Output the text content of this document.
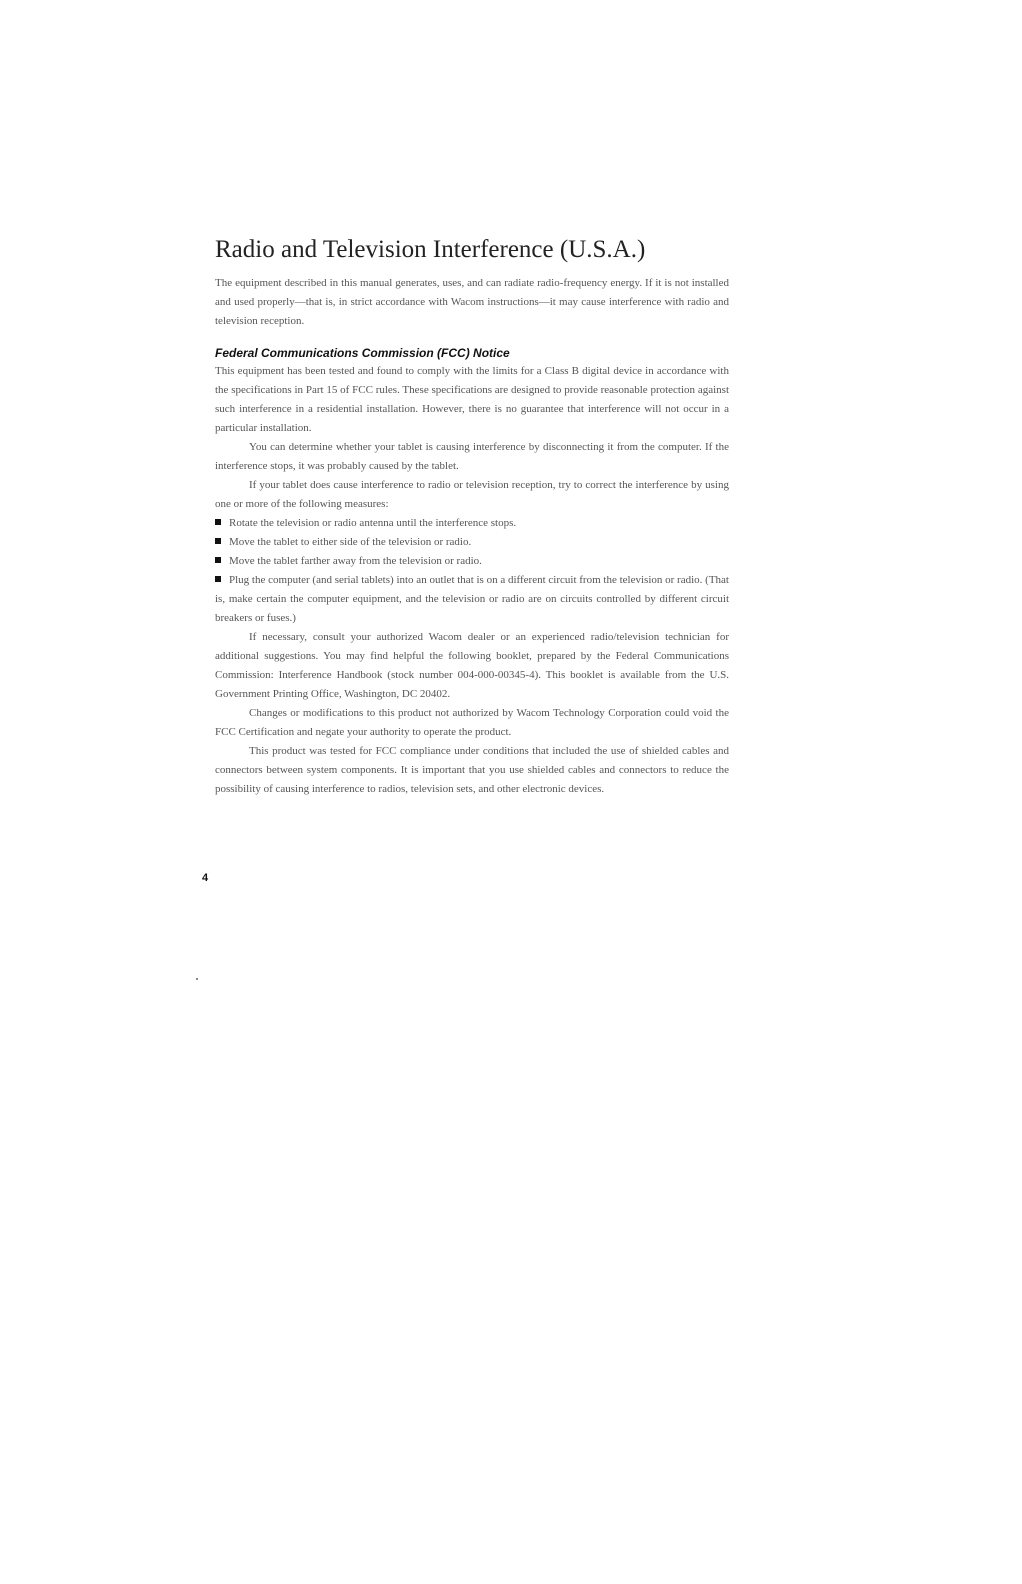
Radio and Television Interference (U.S.A.)

The equipment described in this manual generates, uses, and can radiate radio-frequency energy. If it is not installed and used properly—that is, in strict accordance with Wacom instructions—it may cause interference with radio and television reception.

Federal Communications Commission (FCC) Notice

This equipment has been tested and found to comply with the limits for a Class B digital device in accordance with the specifications in Part 15 of FCC rules. These specifications are designed to provide reasonable protection against such interference in a residential installation. However, there is no guarantee that interference will not occur in a particular installation.

You can determine whether your tablet is causing interference by disconnecting it from the computer. If the interference stops, it was probably caused by the tablet.

If your tablet does cause interference to radio or television reception, try to correct the interference by using one or more of the following measures:

Rotate the television or radio antenna until the interference stops.
Move the tablet to either side of the television or radio.
Move the tablet farther away from the television or radio.
Plug the computer (and serial tablets) into an outlet that is on a different circuit from the television or radio. (That is, make certain the computer equipment, and the television or radio are on circuits controlled by different circuit breakers or fuses.)

If necessary, consult your authorized Wacom dealer or an experienced radio/television technician for additional suggestions. You may find helpful the following booklet, prepared by the Federal Communications Commission: Interference Handbook (stock number 004-000-00345-4). This booklet is available from the U.S. Government Printing Office, Washington, DC 20402.

Changes or modifications to this product not authorized by Wacom Technology Corporation could void the FCC Certification and negate your authority to operate the product.

This product was tested for FCC compliance under conditions that included the use of shielded cables and connectors between system components. It is important that you use shielded cables and connectors to reduce the possibility of causing interference to radios, television sets, and other electronic devices.

4
